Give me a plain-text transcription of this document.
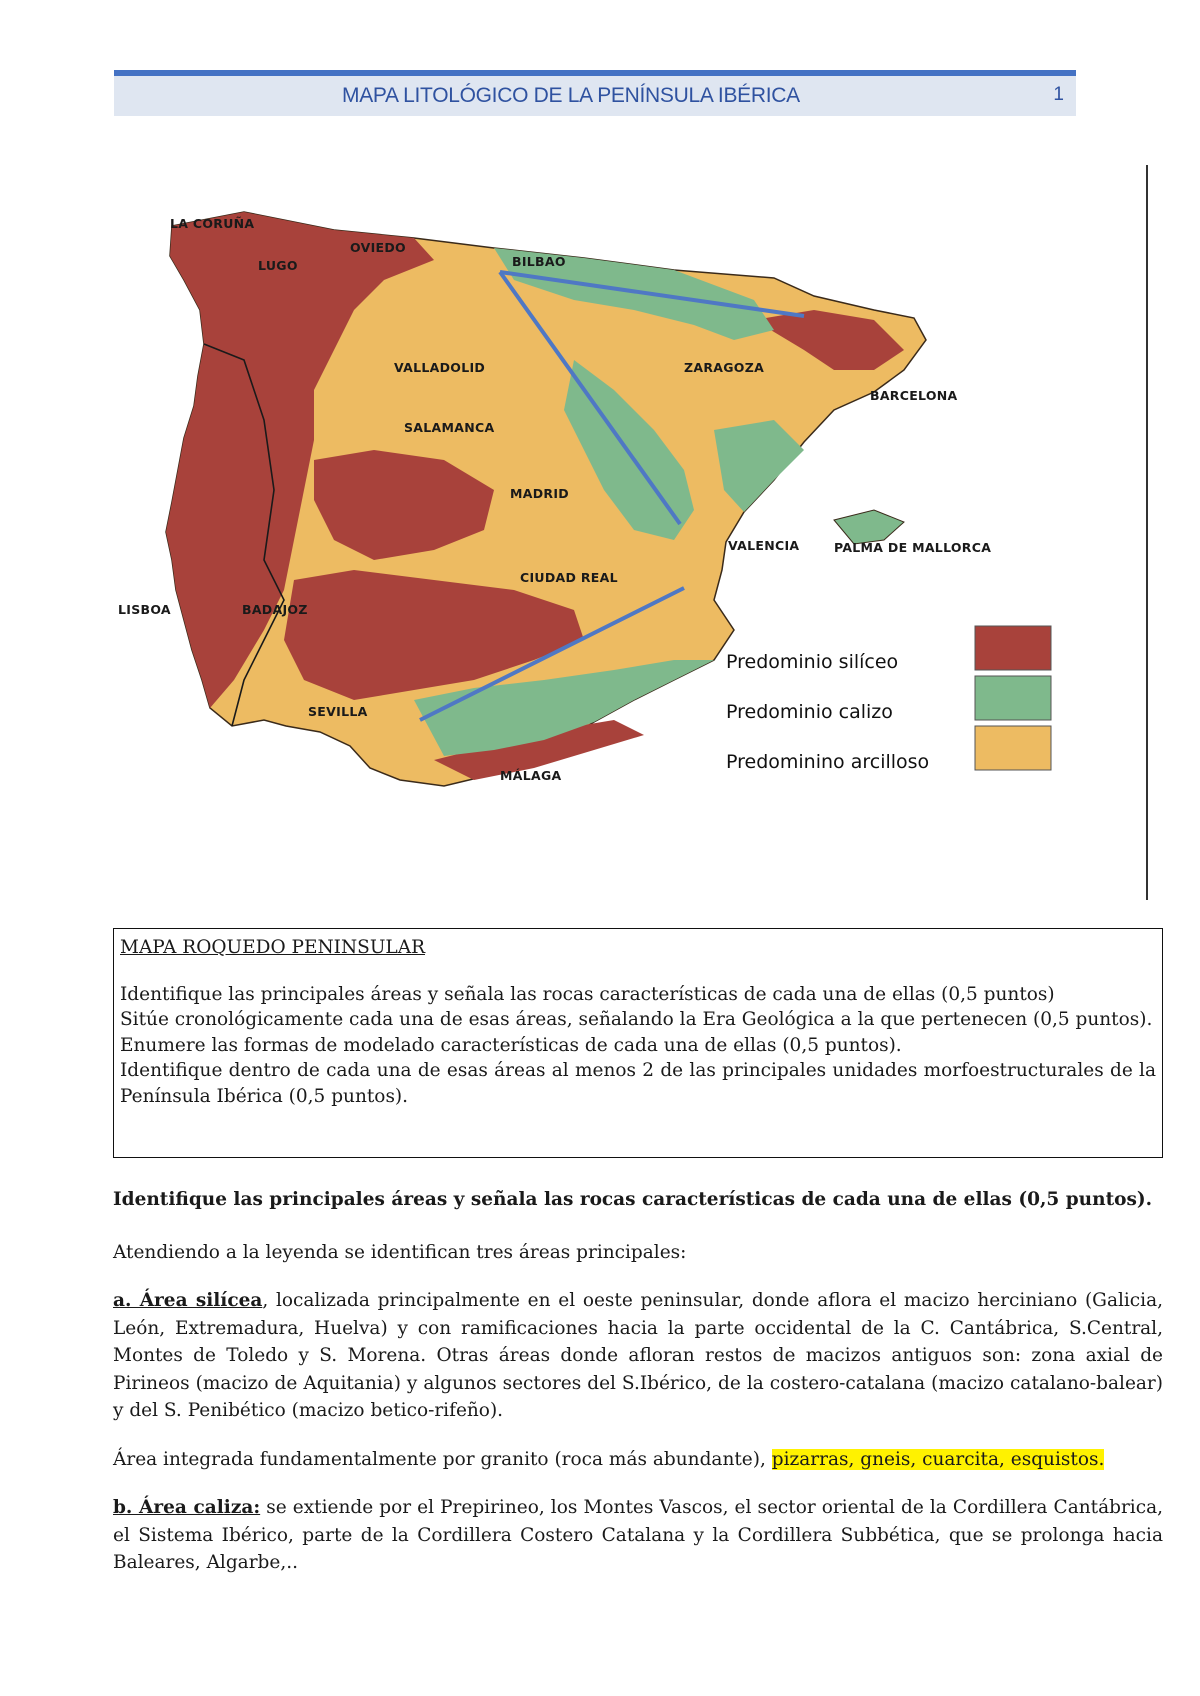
MAPA LITOLÓGICO DE LA PENÍNSULA IBÉRICA	1
LA CORUÑA
LUGO
OVIEDO
BILBAO
VALLADOLID	ZARAGOZA
BARCELONA
SALAMANCA
MADRID
VALENCIA	PALMA DE MALLORCA
LISBOA	BADAJOZ
CIUDAD REAL
SEVILLA
MÁLAGA
Predominio silíceo
Predominio calizo
Predominino arcilloso
MAPA ROQUEDO PENINSULAR
Identifique las principales áreas y señala las rocas características de cada una de ellas (0,5 puntos)
Sitúe cronológicamente cada una de esas áreas, señalando la Era Geológica a la que pertenecen (0,5 puntos).
Enumere las formas de modelado características de cada una de ellas (0,5 puntos).
Identifique dentro de cada una de esas áreas al menos 2 de las principales unidades morfoestructurales de la Península Ibérica (0,5 puntos).

Identifique las principales áreas y señala las rocas características de cada una de ellas (0,5 puntos).

Atendiendo a la leyenda se identifican tres áreas principales:

a. Área silícea, localizada principalmente en el oeste peninsular, donde aflora el macizo herciniano (Galicia, León, Extremadura, Huelva) y con ramificaciones hacia la parte occidental de la C. Cantábrica, S.Central, Montes de Toledo y S. Morena. Otras áreas donde afloran restos de macizos antiguos son: zona axial de Pirineos (macizo de Aquitania) y algunos sectores del S.Ibérico, de la costero-catalana (macizo catalano-balear) y del S. Penibético (macizo betico-rifeño).

Área integrada fundamentalmente por granito (roca más abundante), pizarras, gneis, cuarcita, esquistos.

b. Área caliza: se extiende por el Prepirineo, los Montes Vascos, el sector oriental de la Cordillera Cantábrica, el Sistema Ibérico, parte de la Cordillera Costero Catalana y la Cordillera Subbética, que se prolonga hacia Baleares, Algarbe,..
